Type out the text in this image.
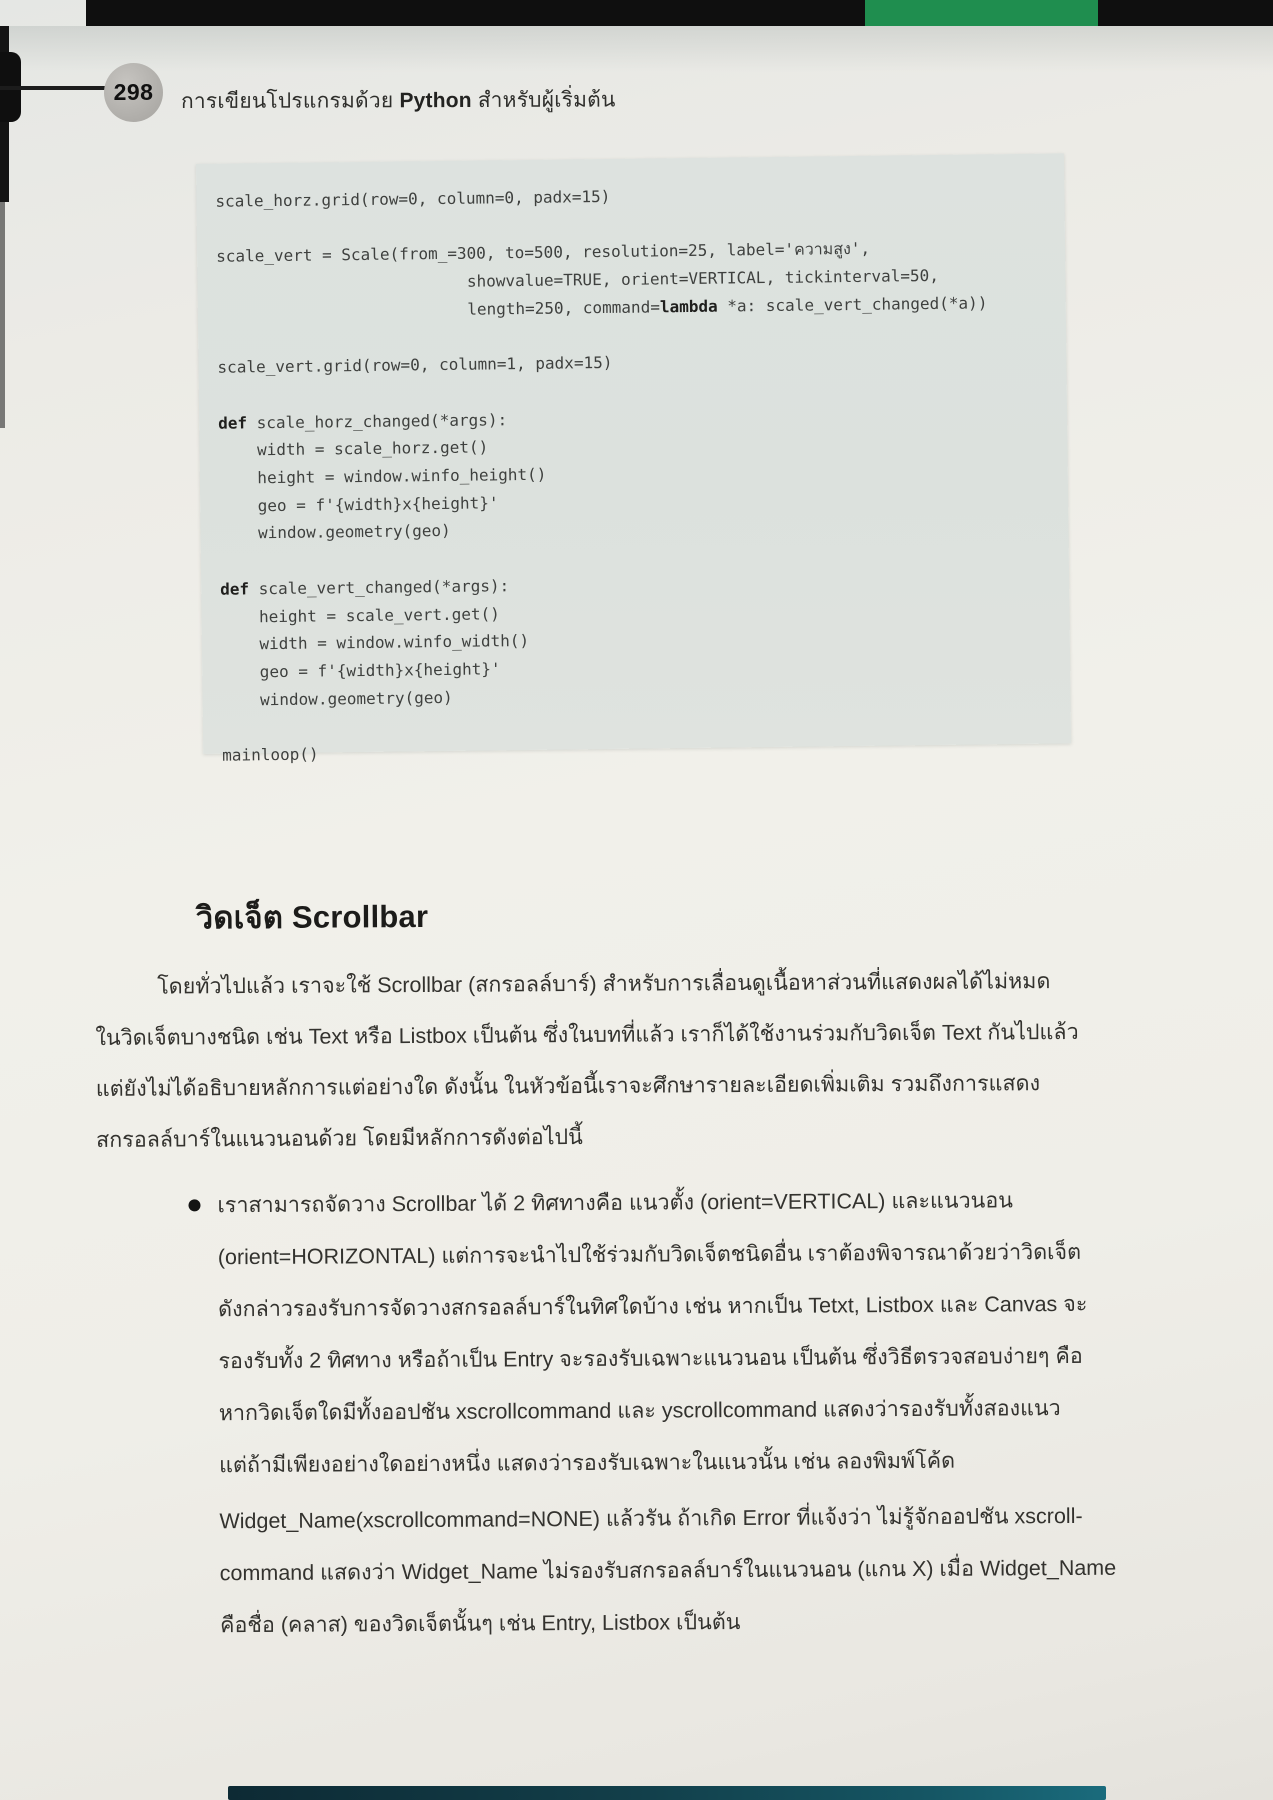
298 การเขียนโปรแกรมด้วย Python สำหรับผู้เริ่มต้น
scale_horz.grid(row=0, column=0, padx=15)

scale_vert = Scale(from_=300, to=500, resolution=25, label='ความสูง',
showvalue=TRUE, orient=VERTICAL, tickinterval=50,
length=250, command=lambda *a: scale_vert_changed(*a))

scale_vert.grid(row=0, column=1, padx=15)

def scale_horz_changed(*args):
width = scale_horz.get()
height = window.winfo_height()
geo = f'{width}x{height}'
window.geometry(geo)

def scale_vert_changed(*args):
height = scale_vert.get()
width = window.winfo_width()
geo = f'{width}x{height}'
window.geometry(geo)

mainloop()
วิดเจ็ต Scrollbar
โดยทั่วไปแล้ว เราจะใช้ Scrollbar (สกรอลล์บาร์) สำหรับการเลื่อนดูเนื้อหาส่วนที่แสดงผลได้ไม่หมด
ในวิดเจ็ตบางชนิด เช่น Text หรือ Listbox เป็นต้น ซึ่งในบทที่แล้ว เราก็ได้ใช้งานร่วมกับวิดเจ็ต Text กันไปแล้ว
แต่ยังไม่ได้อธิบายหลักการแต่อย่างใด ดังนั้น ในหัวข้อนี้เราจะศึกษารายละเอียดเพิ่มเติม รวมถึงการแสดง
สกรอลล์บาร์ในแนวนอนด้วย โดยมีหลักการดังต่อไปนี้
เราสามารถจัดวาง Scrollbar ได้ 2 ทิศทางคือ แนวตั้ง (orient=VERTICAL) และแนวนอน
(orient=HORIZONTAL) แต่การจะนำไปใช้ร่วมกับวิดเจ็ตชนิดอื่น เราต้องพิจารณาด้วยว่าวิดเจ็ต
ดังกล่าวรองรับการจัดวางสกรอลล์บาร์ในทิศใดบ้าง เช่น หากเป็น Tetxt, Listbox และ Canvas จะ
รองรับทั้ง 2 ทิศทาง หรือถ้าเป็น Entry จะรองรับเฉพาะแนวนอน เป็นต้น ซึ่งวิธีตรวจสอบง่ายๆ คือ
หากวิดเจ็ตใดมีทั้งออปชัน xscrollcommand และ yscrollcommand แสดงว่ารองรับทั้งสองแนว
แต่ถ้ามีเพียงอย่างใดอย่างหนึ่ง แสดงว่ารองรับเฉพาะในแนวนั้น เช่น ลองพิมพ์โค้ด
Widget_Name(xscrollcommand=NONE) แล้วรัน ถ้าเกิด Error ที่แจ้งว่า ไม่รู้จักออปชัน xscroll-
command แสดงว่า Widget_Name ไม่รองรับสกรอลล์บาร์ในแนวนอน (แกน X) เมื่อ Widget_Name
คือชื่อ (คลาส) ของวิดเจ็ตนั้นๆ เช่น Entry, Listbox เป็นต้น
